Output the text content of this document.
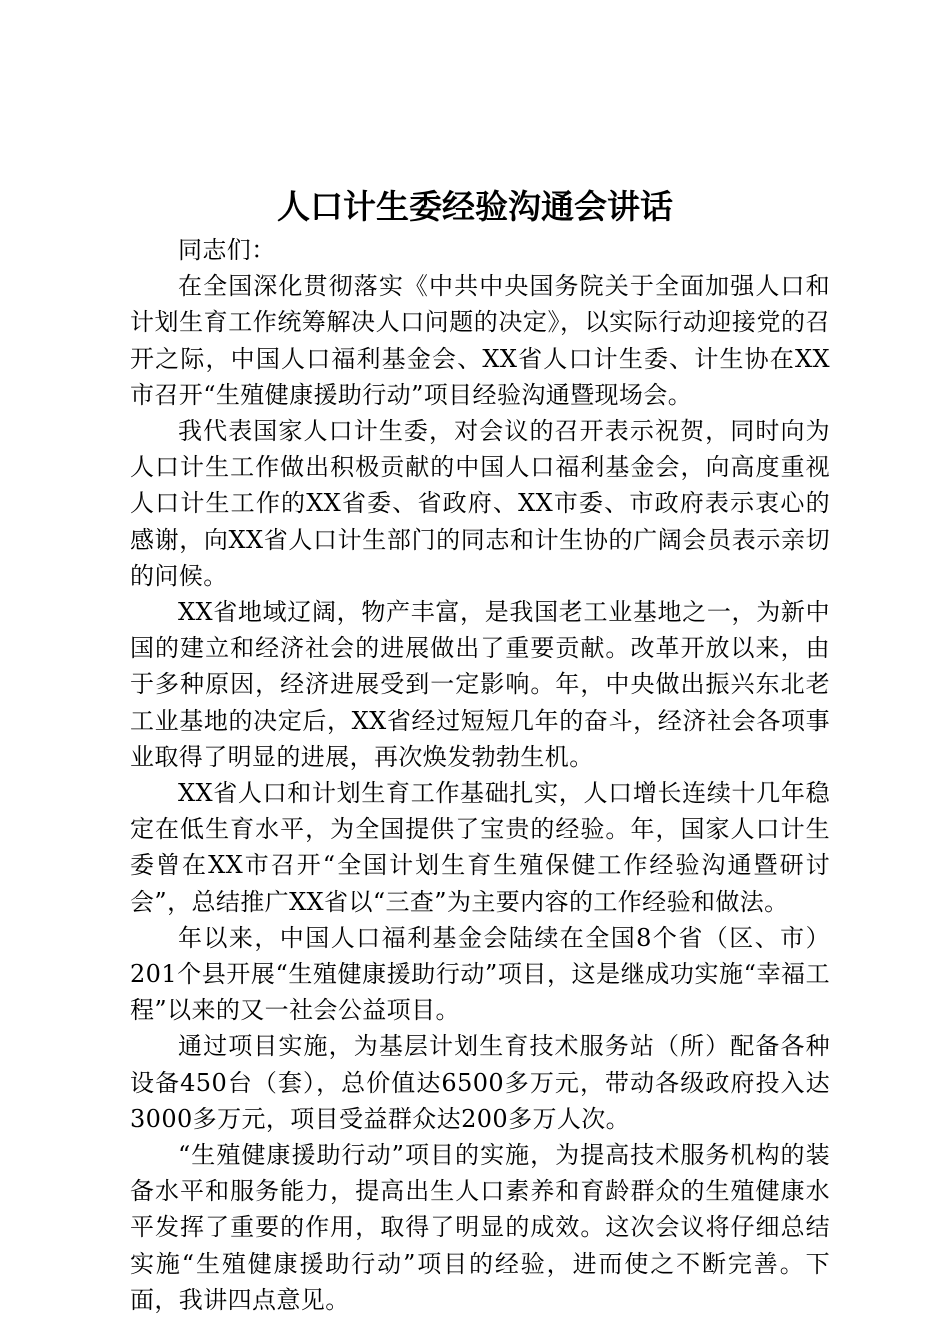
人口计生委经验沟通会讲话

同志们：

在全国深化贯彻落实《中共中央国务院关于全面加强人口和计划生育工作统筹解决人口问题的决定》，以实际行动迎接党的召开之际，中国人口福利基金会、XX省人口计生委、计生协在XX市召开“生殖健康援助行动”项目经验沟通暨现场会。

我代表国家人口计生委，对会议的召开表示祝贺，同时向为人口计生工作做出积极贡献的中国人口福利基金会，向高度重视人口计生工作的XX省委、省政府、XX市委、市政府表示衷心的感谢，向XX省人口计生部门的同志和计生协的广阔会员表示亲切的问候。

XX省地域辽阔，物产丰富，是我国老工业基地之一，为新中国的建立和经济社会的进展做出了重要贡献。改革开放以来，由于多种原因，经济进展受到一定影响。年，中央做出振兴东北老工业基地的决定后，XX省经过短短几年的奋斗，经济社会各项事业取得了明显的进展，再次焕发勃勃生机。

XX省人口和计划生育工作基础扎实，人口增长连续十几年稳定在低生育水平，为全国提供了宝贵的经验。年，国家人口计生委曾在XX市召开“全国计划生育生殖保健工作经验沟通暨研讨会”，总结推广XX省以“三查”为主要内容的工作经验和做法。

年以来，中国人口福利基金会陆续在全国8个省（区、市）201个县开展“生殖健康援助行动”项目，这是继成功实施“幸福工程”以来的又一社会公益项目。

通过项目实施，为基层计划生育技术服务站（所）配备各种设备450台（套），总价值达6500多万元，带动各级政府投入达3000多万元，项目受益群众达200多万人次。

“生殖健康援助行动”项目的实施，为提高技术服务机构的装备水平和服务能力，提高出生人口素养和育龄群众的生殖健康水平发挥了重要的作用，取得了明显的成效。这次会议将仔细总结实施“生殖健康援助行动”项目的经验，进而使之不断完善。下面，我讲四点意见。
